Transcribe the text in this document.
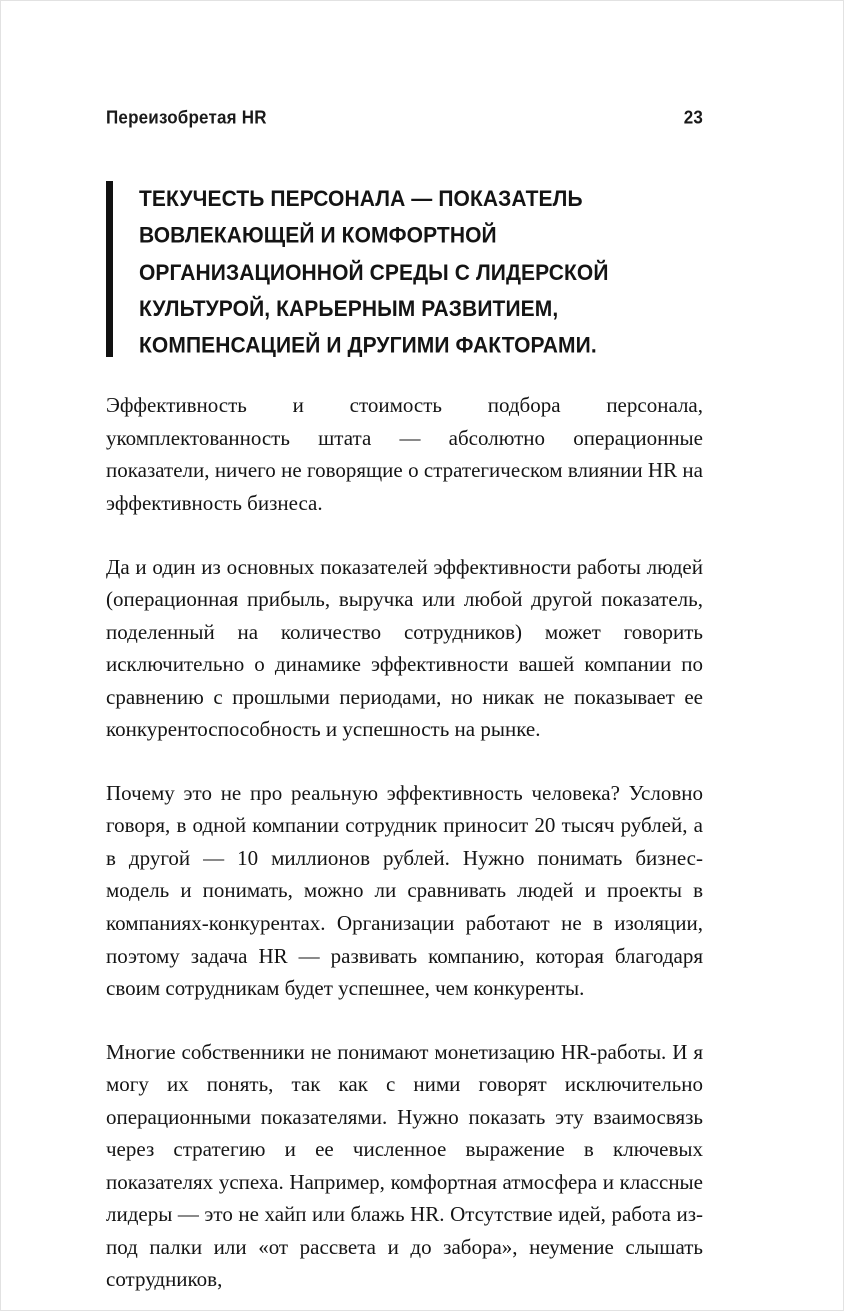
Переизобретая HR	23
ТЕКУЧЕСТЬ ПЕРСОНАЛА — ПОКАЗАТЕЛЬ ВОВЛЕКАЮЩЕЙ И КОМФОРТНОЙ ОРГАНИЗАЦИОННОЙ СРЕДЫ С ЛИДЕРСКОЙ КУЛЬТУРОЙ, КАРЬЕРНЫМ РАЗВИТИЕМ, КОМПЕНСАЦИЕЙ И ДРУГИМИ ФАКТОРАМИ.

Эффективность и стоимость подбора персонала, укомплектованность штата — абсолютно операционные показатели, ничего не говорящие о стратегическом влиянии HR на эффективность бизнеса.

Да и один из основных показателей эффективности работы людей (операционная прибыль, выручка или любой другой показатель, поделенный на количество сотрудников) может говорить исключительно о динамике эффективности вашей компании по сравнению с прошлыми периодами, но никак не показывает ее конкурентоспособность и успешность на рынке.

Почему это не про реальную эффективность человека? Условно говоря, в одной компании сотрудник приносит 20 тысяч рублей, а в другой — 10 миллионов рублей. Нужно понимать бизнес-модель и понимать, можно ли сравнивать людей и проекты в компаниях-конкурентах. Организации работают не в изоляции, поэтому задача HR — развивать компанию, которая благодаря своим сотрудникам будет успешнее, чем конкуренты.

Многие собственники не понимают монетизацию HR-работы. И я могу их понять, так как с ними говорят исключительно операционными показателями. Нужно показать эту взаимосвязь через стратегию и ее численное выражение в ключевых показателях успеха. Например, комфортная атмосфера и классные лидеры — это не хайп или блажь HR. Отсутствие идей, работа из-под палки или «от рассвета и до забора», неумение слышать сотрудников,
